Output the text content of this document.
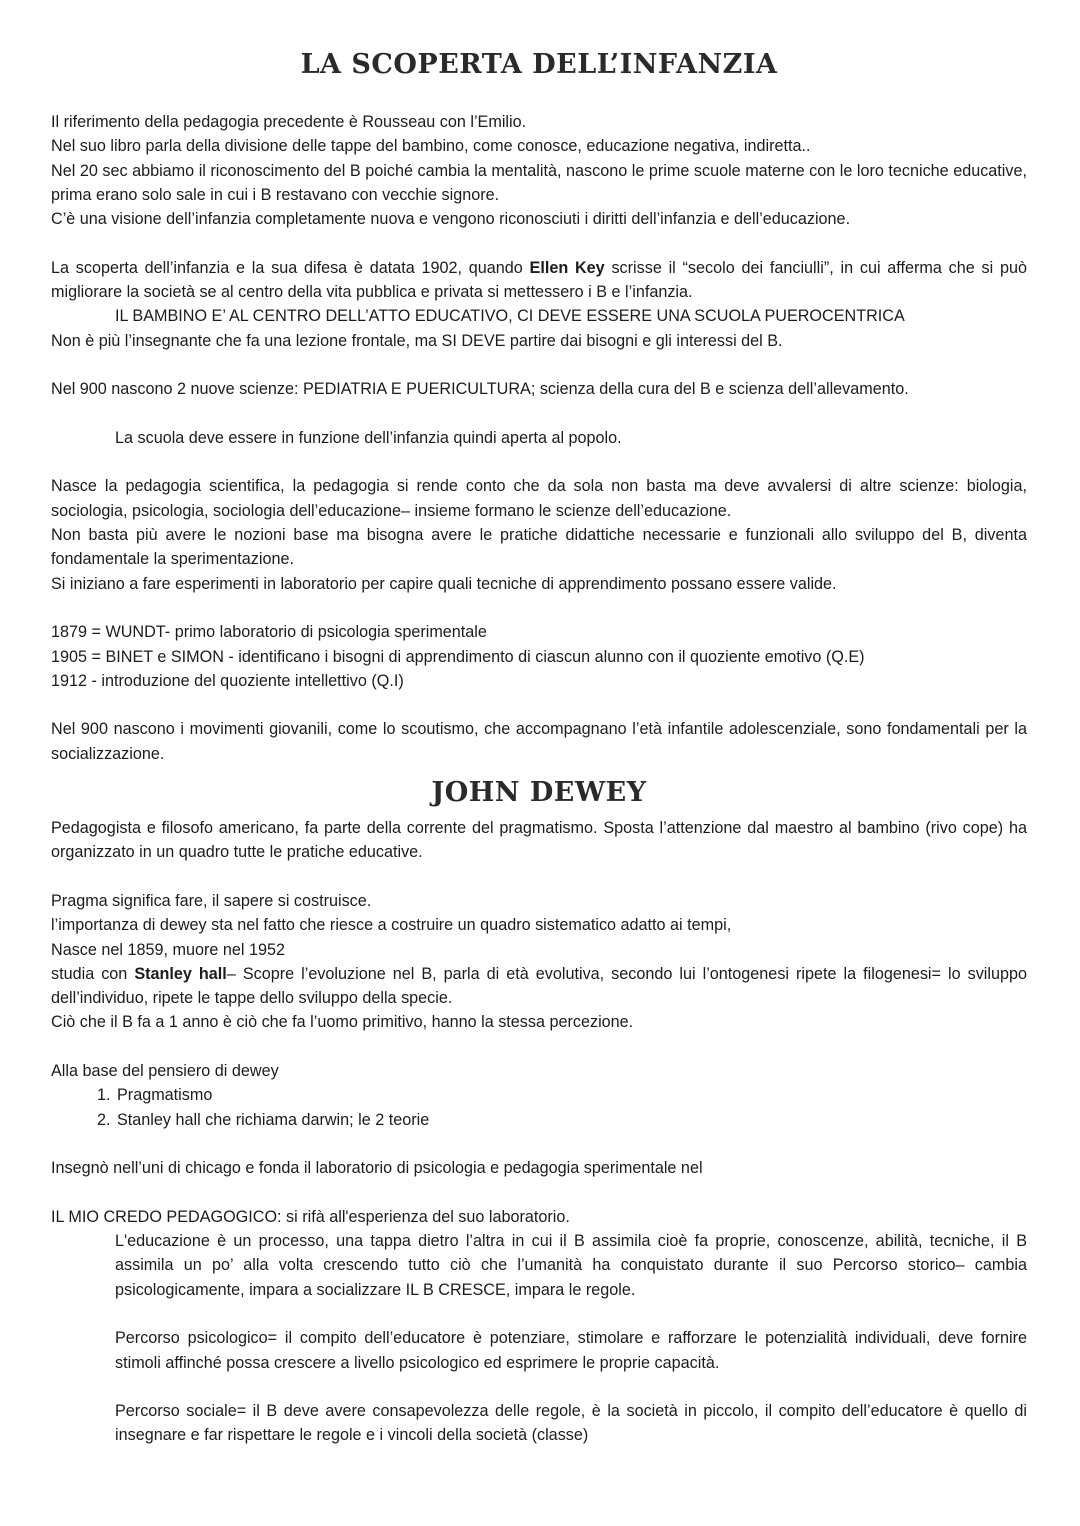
LA SCOPERTA DELL’INFANZIA

Il riferimento della pedagogia precedente è Rousseau con l’Emilio.

Nel suo libro parla della divisione delle tappe del bambino, come conosce, educazione negativa, indiretta..

Nel 20 sec abbiamo il riconoscimento del B poiché cambia la mentalità, nascono le prime scuole materne con le loro tecniche educative, prima erano solo sale in cui i B restavano con vecchie signore.

C’è una visione dell’infanzia completamente nuova e vengono riconosciuti i diritti dell’infanzia e dell’educazione.

La scoperta dell’infanzia e la sua difesa è datata 1902, quando Ellen Key scrisse il “secolo dei fanciulli”, in cui afferma che si può migliorare la società se al centro della vita pubblica e privata si mettessero i B e l’infanzia.

IL BAMBINO E’ AL CENTRO DELL’ATTO EDUCATIVO, CI DEVE ESSERE UNA SCUOLA PUEROCENTRICA

Non è più l’insegnante che fa una lezione frontale, ma SI DEVE partire dai bisogni e gli interessi del B.

Nel 900 nascono 2 nuove scienze: PEDIATRIA E PUERICULTURA; scienza della cura del B e scienza dell’allevamento.

La scuola deve essere in funzione dell’infanzia quindi aperta al popolo.

Nasce la pedagogia scientifica, la pedagogia si rende conto che da sola non basta ma deve avvalersi di altre scienze: biologia, sociologia, psicologia, sociologia dell’educazione– insieme formano le scienze dell’educazione.

Non basta più avere le nozioni base ma bisogna avere le pratiche didattiche necessarie e funzionali allo sviluppo del B, diventa fondamentale la sperimentazione.

Si iniziano a fare esperimenti in laboratorio per capire quali tecniche di apprendimento possano essere valide.

1879 = WUNDT- primo laboratorio di psicologia sperimentale

1905 = BINET e SIMON - identificano i bisogni di apprendimento di ciascun alunno con il quoziente emotivo (Q.E)

1912 - introduzione del quoziente intellettivo (Q.I)

Nel 900 nascono i movimenti giovanili, come lo scoutismo, che accompagnano l’età infantile adolescenziale, sono fondamentali per la socializzazione.

JOHN DEWEY

Pedagogista e filosofo americano, fa parte della corrente del pragmatismo. Sposta l’attenzione dal maestro al bambino (rivo cope) ha organizzato in un quadro tutte le pratiche educative.

Pragma significa fare, il sapere si costruisce.

l’importanza di dewey sta nel fatto che riesce a costruire un quadro sistematico adatto ai tempi,

Nasce nel 1859, muore nel 1952

studia con Stanley hall– Scopre l’evoluzione nel B, parla di età evolutiva, secondo lui l’ontogenesi ripete la filogenesi= lo sviluppo dell’individuo, ripete le tappe dello sviluppo della specie.

Ciò che il B fa a 1 anno è ciò che fa l’uomo primitivo, hanno la stessa percezione.

Alla base del pensiero di dewey

1. Pragmatismo
2. Stanley hall che richiama darwin; le 2 teorie

Insegnò nell’uni di chicago e fonda il laboratorio di psicologia e pedagogia sperimentale nel

IL MIO CREDO PEDAGOGICO: si rifà all'esperienza del suo laboratorio.

L'educazione è un processo, una tappa dietro l’altra in cui il B assimila cioè fa proprie, conoscenze, abilità, tecniche, il B assimila un po’ alla volta crescendo tutto ciò che l’umanità ha conquistato durante il suo Percorso storico– cambia psicologicamente, impara a socializzare IL B CRESCE, impara le regole.

Percorso psicologico= il compito dell’educatore è potenziare, stimolare e rafforzare le potenzialità individuali, deve fornire stimoli affinché possa crescere a livello psicologico ed esprimere le proprie capacità.

Percorso sociale= il B deve avere consapevolezza delle regole, è la società in piccolo, il compito dell’educatore è quello di insegnare e far rispettare le regole e i vincoli della società (classe)
